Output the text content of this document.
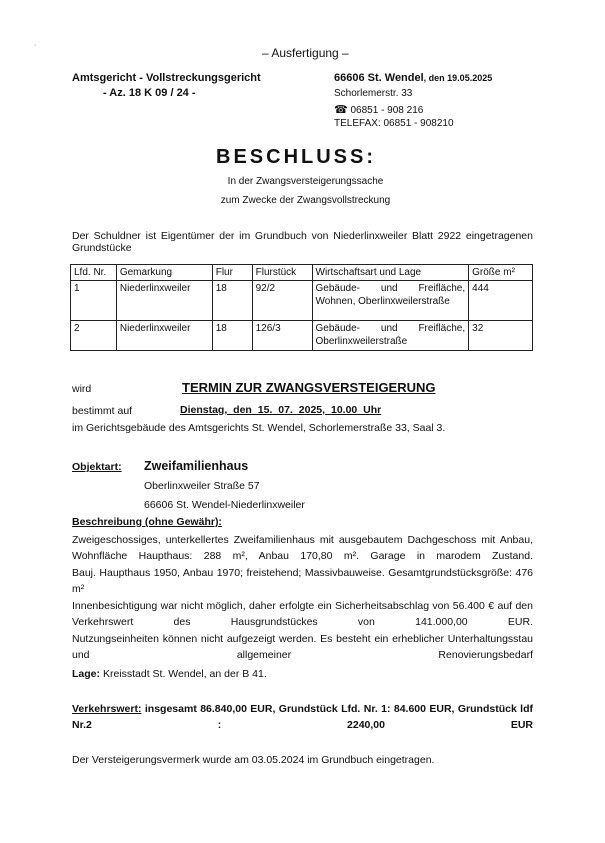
·
– Ausfertigung –
Amtsgericht - Vollstreckungsgericht
- Az. 18 K 09 / 24 -
66606 St. Wendel, den 19.05.2025
Schorlemerstr. 33
☎ 06851 - 908 216
TELEFAX: 06851 - 908210
BESCHLUSS:
In der Zwangsversteigerungssache
zum Zwecke der Zwangsvollstreckung
Der Schuldner ist Eigentümer der im Grundbuch von Niederlinxweiler Blatt 2922 eingetragenen Grundstücke
Lfd. Nr.	Gemarkung	Flur	Flurstück	Wirtschaftsart und Lage	Größe m²
1	Niederlinxweiler	18	92/2	Gebäude- und Freifläche, Wohnen, Oberlinxweilerstraße	444
2	Niederlinxweiler	18	126/3	Gebäude- und Freifläche, Oberlinxweilerstraße	32
wird	TERMIN ZUR ZWANGSVERSTEIGERUNG
bestimmt auf	Dienstag, den 15. 07. 2025, 10.00 Uhr
im Gerichtsgebäude des Amtsgerichts St. Wendel, Schorlemerstraße 33, Saal 3.
Objektart: Zweifamilienhaus
Oberlinxweiler Straße 57
66606 St. Wendel-Niederlinxweiler
Beschreibung (ohne Gewähr):
Zweigeschossiges, unterkellertes Zweifamilienhaus mit ausgebautem Dachgeschoss mit Anbau, Wohnfläche Haupthaus: 288 m², Anbau 170,80 m². Garage in marodem Zustand.
Bauj. Haupthaus 1950, Anbau 1970; freistehend; Massivbauweise. Gesamtgrundstücksgröße: 476 m²
Innenbesichtigung war nicht möglich, daher erfolgte ein Sicherheitsabschlag von 56.400 € auf den Verkehrswert des Hausgrundstückes von 141.000,00 EUR.
Nutzungseinheiten können nicht aufgezeigt werden. Es besteht ein erheblicher Unterhaltungsstau und allgemeiner Renovierungsbedarf
Lage: Kreisstadt St. Wendel, an der B 41.
Verkehrswert: insgesamt 86.840,00 EUR, Grundstück Lfd. Nr. 1: 84.600 EUR, Grundstück ldf Nr.2 : 2240,00 EUR
Der Versteigerungsvermerk wurde am 03.05.2024 im Grundbuch eingetragen.
